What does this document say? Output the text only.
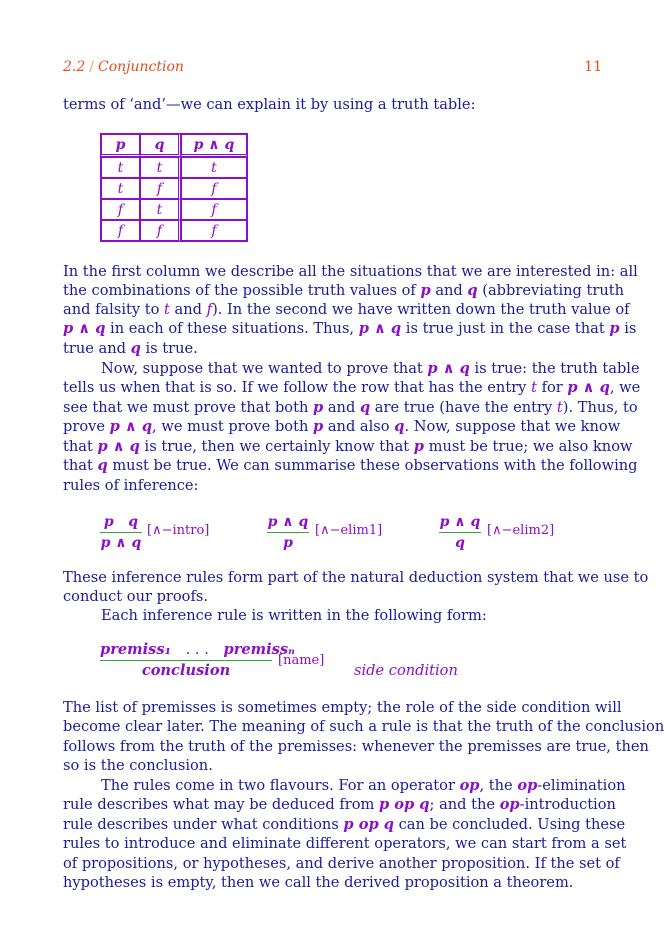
2.2 / Conjunction	11
terms of ‘and’—we can explain it by using a truth table:
p	q	p ∧ q
t	t	t
t	f	f
f	t	f
f	f	f
In the first column we describe all the situations that we are interested in: all
the combinations of the possible truth values of p and q (abbreviating truth
and falsity to t and f). In the second we have written down the truth value of
p ∧ q in each of these situations. Thus, p ∧ q is true just in the case that p is
true and q is true.
Now, suppose that we wanted to prove that p ∧ q is true: the truth table
tells us when that is so. If we follow the row that has the entry t for p ∧ q, we
see that we must prove that both p and q are true (have the entry t). Thus, to
prove p ∧ q, we must prove both p and also q. Now, suppose that we know
that p ∧ q is true, then we certainly know that p must be true; we also know
that q must be true. We can summarise these observations with the following
rules of inference:
p   q
p ∧ q
[∧−intro]
p ∧ q
p
[∧−elim1]
p ∧ q
q
[∧−elim2]
These inference rules form part of the natural deduction system that we use to
conduct our proofs.
Each inference rule is written in the following form:
premiss₁ . . . premissₙ
conclusion
[name]
side condition
The list of premisses is sometimes empty; the role of the side condition will
become clear later. The meaning of such a rule is that the truth of the conclusion
follows from the truth of the premisses: whenever the premisses are true, then
so is the conclusion.
The rules come in two flavours. For an operator op, the op-elimination
rule describes what may be deduced from p op q; and the op-introduction
rule describes under what conditions p op q can be concluded. Using these
rules to introduce and eliminate different operators, we can start from a set
of propositions, or hypotheses, and derive another proposition. If the set of
hypotheses is empty, then we call the derived proposition a theorem.
